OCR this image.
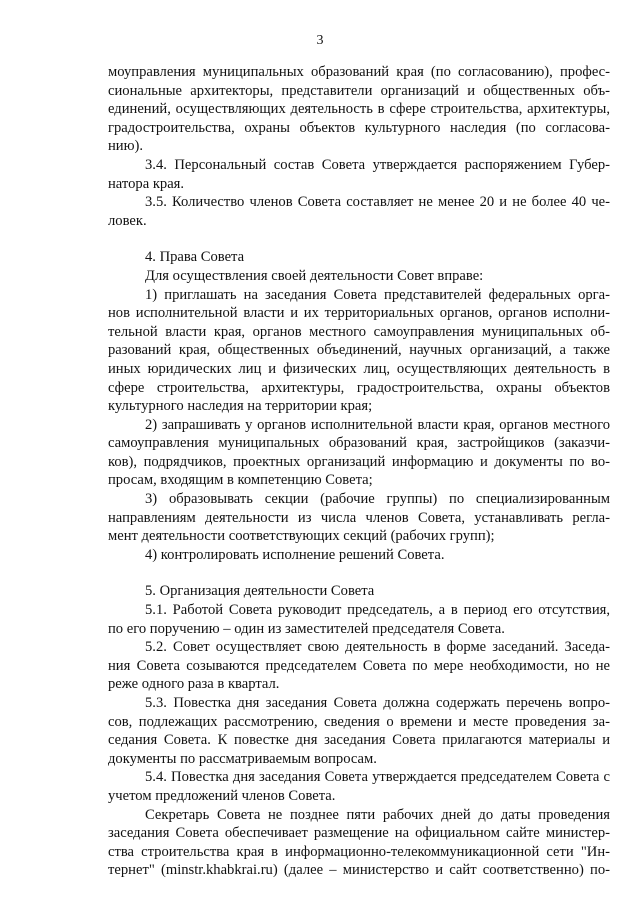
3

моуправления муниципальных образований края (по согласованию), профес-
сиональные архитекторы, представители организаций и общественных объ-
единений, осуществляющих деятельность в сфере строительства, архитектуры,
градостроительства, охраны объектов культурного наследия (по согласова-
нию).

3.4. Персональный состав Совета утверждается распоряжением Губер-
натора края.

3.5. Количество членов Совета составляет не менее 20 и не более 40 че-
ловек.

4. Права Совета

Для осуществления своей деятельности Совет вправе:

1) приглашать на заседания Совета представителей федеральных орга-
нов исполнительной власти и их территориальных органов, органов исполни-
тельной власти края, органов местного самоуправления муниципальных об-
разований края, общественных объединений, научных организаций, а также
иных юридических лиц и физических лиц, осуществляющих деятельность в
сфере строительства, архитектуры, градостроительства, охраны объектов
культурного наследия на территории края;

2) запрашивать у органов исполнительной власти края, органов местного
самоуправления муниципальных образований края, застройщиков (заказчи-
ков), подрядчиков, проектных организаций информацию и документы по во-
просам, входящим в компетенцию Совета;

3) образовывать секции (рабочие группы) по специализированным
направлениям деятельности из числа членов Совета, устанавливать регла-
мент деятельности соответствующих секций (рабочих групп);

4) контролировать исполнение решений Совета.

5. Организация деятельности Совета

5.1. Работой Совета руководит председатель, а в период его отсутствия,
по его поручению – один из заместителей председателя Совета.

5.2. Совет осуществляет свою деятельность в форме заседаний. Заседа-
ния Совета созываются председателем Совета по мере необходимости, но не
реже одного раза в квартал.

5.3. Повестка дня заседания Совета должна содержать перечень вопро-
сов, подлежащих рассмотрению, сведения о времени и месте проведения за-
седания Совета. К повестке дня заседания Совета прилагаются материалы и
документы по рассматриваемым вопросам.

5.4. Повестка дня заседания Совета утверждается председателем Совета с
учетом предложений членов Совета.

Секретарь Совета не позднее пяти рабочих дней до даты проведения
заседания Совета обеспечивает размещение на официальном сайте министер-
ства строительства края в информационно-телекоммуникационной сети "Ин-
тернет" (minstr.khabkrai.ru) (далее – министерство и сайт соответственно) по-
